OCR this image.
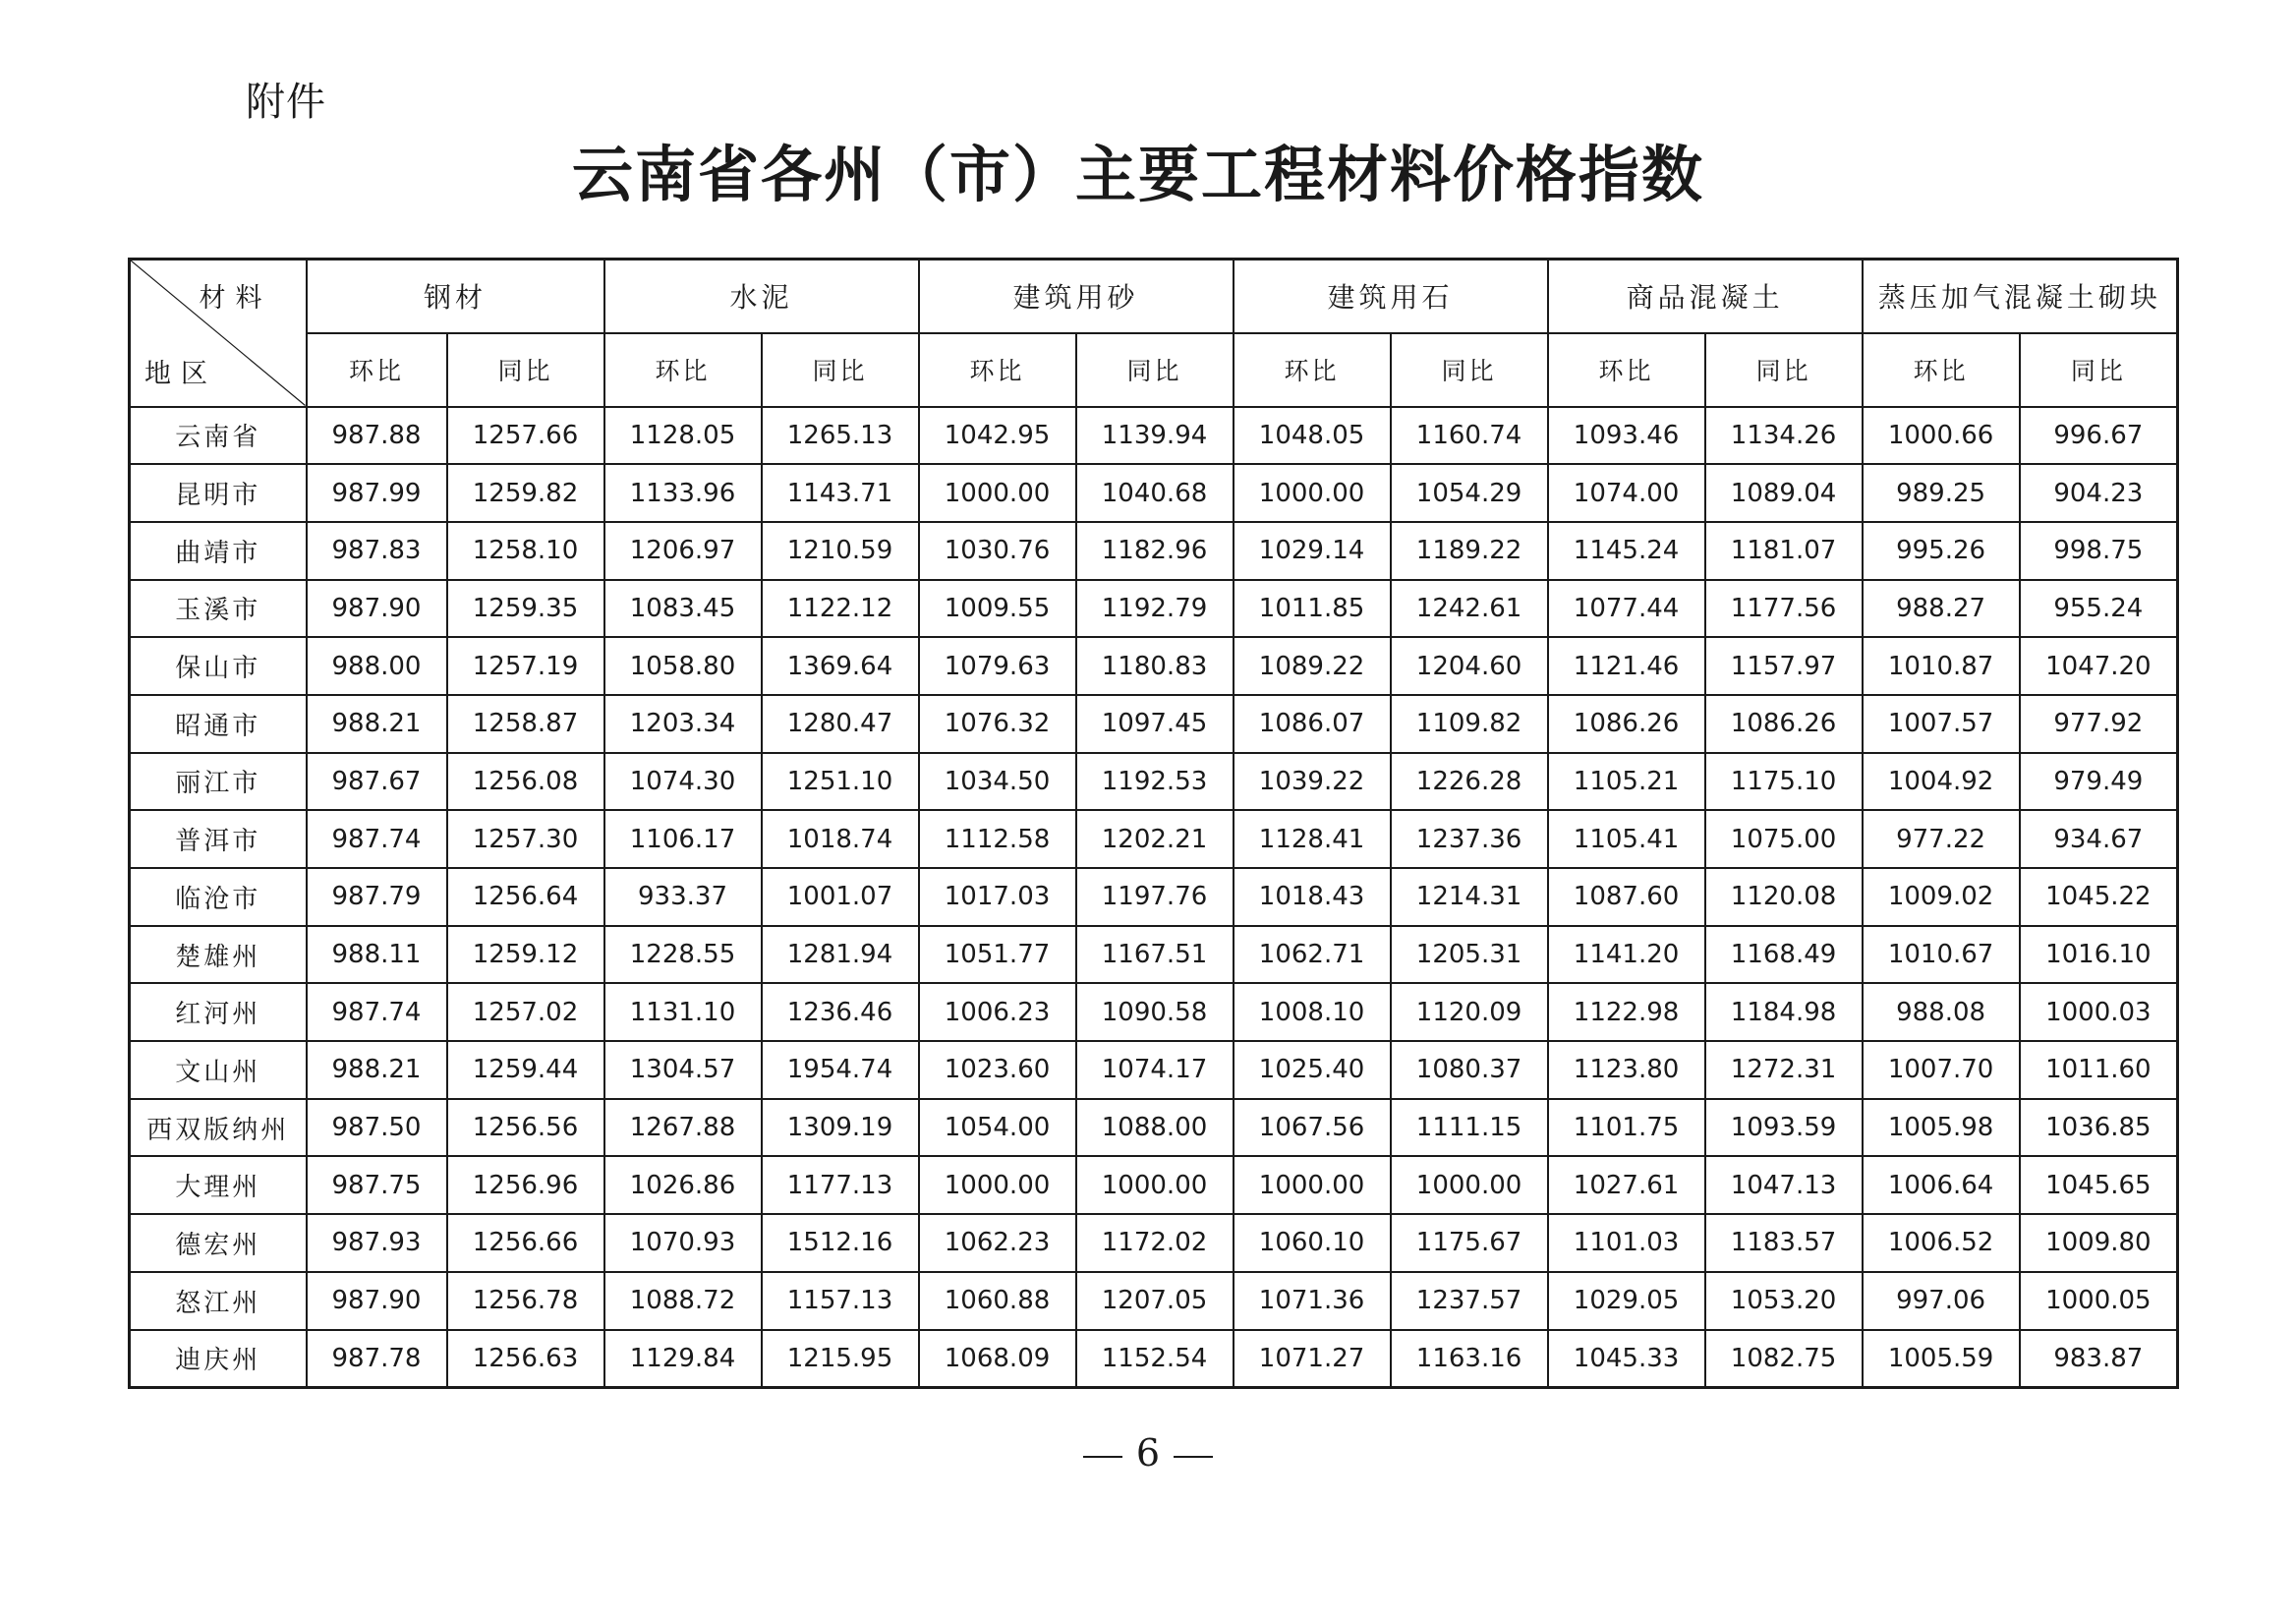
附件
云南省各州（市）主要工程材料价格指数
材料
地区	钢材		水泥		建筑用砂		建筑用石		商品混凝土		蒸压加气混凝土砌块	
	环比	同比	环比	同比	环比	同比	环比	同比	环比	同比	环比	同比
云南省	987.88	1257.66	1128.05	1265.13	1042.95	1139.94	1048.05	1160.74	1093.46	1134.26	1000.66	996.67
昆明市	987.99	1259.82	1133.96	1143.71	1000.00	1040.68	1000.00	1054.29	1074.00	1089.04	989.25	904.23
曲靖市	987.83	1258.10	1206.97	1210.59	1030.76	1182.96	1029.14	1189.22	1145.24	1181.07	995.26	998.75
玉溪市	987.90	1259.35	1083.45	1122.12	1009.55	1192.79	1011.85	1242.61	1077.44	1177.56	988.27	955.24
保山市	988.00	1257.19	1058.80	1369.64	1079.63	1180.83	1089.22	1204.60	1121.46	1157.97	1010.87	1047.20
昭通市	988.21	1258.87	1203.34	1280.47	1076.32	1097.45	1086.07	1109.82	1086.26	1086.26	1007.57	977.92
丽江市	987.67	1256.08	1074.30	1251.10	1034.50	1192.53	1039.22	1226.28	1105.21	1175.10	1004.92	979.49
普洱市	987.74	1257.30	1106.17	1018.74	1112.58	1202.21	1128.41	1237.36	1105.41	1075.00	977.22	934.67
临沧市	987.79	1256.64	933.37	1001.07	1017.03	1197.76	1018.43	1214.31	1087.60	1120.08	1009.02	1045.22
楚雄州	988.11	1259.12	1228.55	1281.94	1051.77	1167.51	1062.71	1205.31	1141.20	1168.49	1010.67	1016.10
红河州	987.74	1257.02	1131.10	1236.46	1006.23	1090.58	1008.10	1120.09	1122.98	1184.98	988.08	1000.03
文山州	988.21	1259.44	1304.57	1954.74	1023.60	1074.17	1025.40	1080.37	1123.80	1272.31	1007.70	1011.60
西双版纳州	987.50	1256.56	1267.88	1309.19	1054.00	1088.00	1067.56	1111.15	1101.75	1093.59	1005.98	1036.85
大理州	987.75	1256.96	1026.86	1177.13	1000.00	1000.00	1000.00	1000.00	1027.61	1047.13	1006.64	1045.65
德宏州	987.93	1256.66	1070.93	1512.16	1062.23	1172.02	1060.10	1175.67	1101.03	1183.57	1006.52	1009.80
怒江州	987.90	1256.78	1088.72	1157.13	1060.88	1207.05	1071.36	1237.57	1029.05	1053.20	997.06	1000.05
迪庆州	987.78	1256.63	1129.84	1215.95	1068.09	1152.54	1071.27	1163.16	1045.33	1082.75	1005.59	983.87
6
